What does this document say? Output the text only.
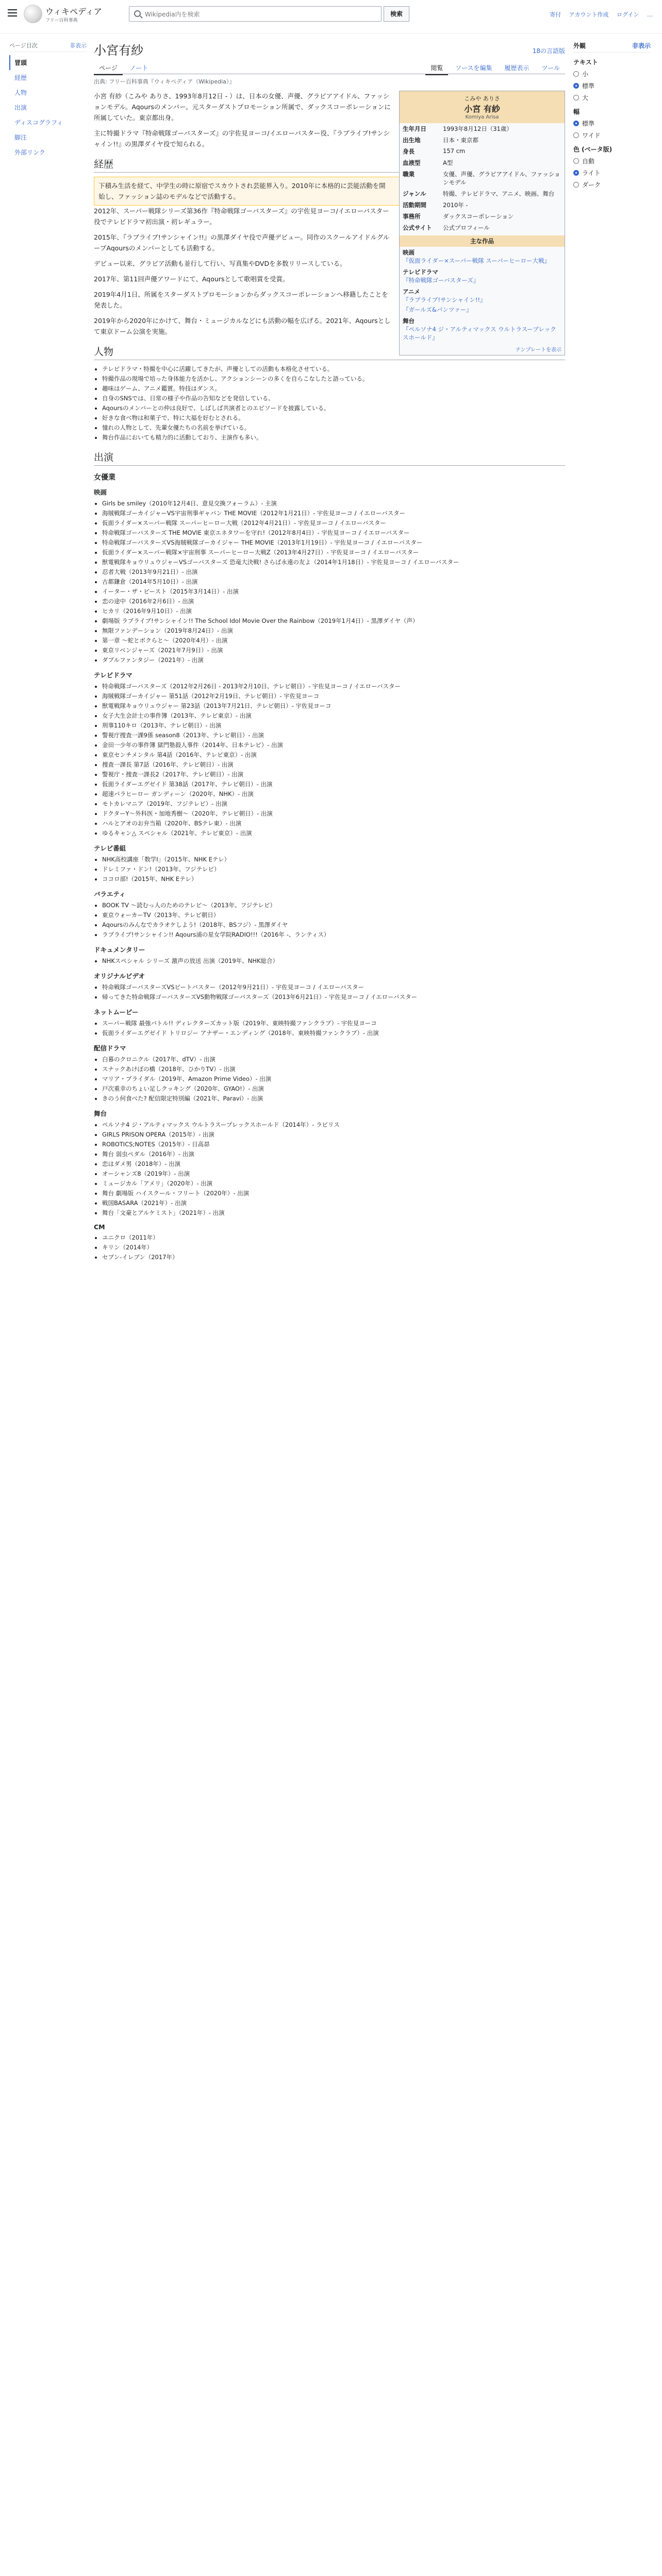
ウィキペディア
フリー百科事典
Wikipedia内を検索
検索	寄付 アカウント作成 ログイン …
ページ目次	非表示
冒頭
経歴
人物
出演
ディスコグラフィ
脚注
外部リンク
外観	非表示
テキスト
小
標準
大
幅
標準
ワイド
色 (ベータ版)
自動
ライト
ダーク
小宮有紗	18の言語版
ページ ノート	閲覧 ソースを編集 履歴表示 ツール
出典: フリー百科事典『ウィキペディア（Wikipedia）』
こみや ありさ
小宮 有紗
Komiya Arisa
生年月日	1993年8月12日（31歳）
出生地	日本・東京都
身長	157 cm
血液型	A型
職業	女優、声優、グラビアアイドル、ファッションモデル
ジャンル	特撮、テレビドラマ、アニメ、映画、舞台
活動期間	2010年 -
事務所	ダックスコーポレーション
公式サイト	公式プロフィール
主な作品
映画
『仮面ライダー×スーパー戦隊 スーパーヒーロー大戦』
テレビドラマ
『特命戦隊ゴーバスターズ』
アニメ
『ラブライブ!サンシャイン!!』
『ガールズ&パンツァー』
舞台
『ペルソナ4 ジ・アルティマックス ウルトラスープレックスホールド』
テンプレートを表示

小宮 有紗（こみや ありさ、1993年8月12日 - ）は、日本の女優、声優、グラビアアイドル、ファッションモデル。Aqoursのメンバー。元スターダストプロモーション所属で、ダックスコーポレーションに所属していた。東京都出身。

主に特撮ドラマ『特命戦隊ゴーバスターズ』の宇佐見ヨーコ/イエローバスター役、『ラブライブ!サンシャイン!!』の黒澤ダイヤ役で知られる。

経歴

下積み生活を経て、中学生の時に原宿でスカウトされ芸能界入り。2010年に本格的に芸能活動を開始し、ファッション誌のモデルなどで活動する。

2012年、スーパー戦隊シリーズ第36作『特命戦隊ゴーバスターズ』の宇佐見ヨーコ/イエローバスター役でテレビドラマ初出演・初レギュラー。

2015年、『ラブライブ!サンシャイン!!』の黒澤ダイヤ役で声優デビュー。同作のスクールアイドルグループAqoursのメンバーとしても活動する。

デビュー以来、グラビア活動も並行して行い、写真集やDVDを多数リリースしている。

2017年、第11回声優アワードにて、Aqoursとして歌唱賞を受賞。

2019年4月1日、所属をスターダストプロモーションからダックスコーポレーションへ移籍したことを発表した。

2019年から2020年にかけて、舞台・ミュージカルなどにも活動の幅を広げる。2021年、Aqoursとして東京ドーム公演を実施。

人物
• テレビドラマ・特撮を中心に活躍してきたが、声優としての活動も本格化させている。
• 特撮作品の現場で培った身体能力を活かし、アクションシーンの多くを自らこなしたと語っている。
• 趣味はゲーム、アニメ鑑賞。特技はダンス。
• 自身のSNSでは、日常の様子や作品の告知などを発信している。
• Aqoursのメンバーとの仲は良好で、しばしば共演者とのエピソードを披露している。
• 好きな食べ物は和菓子で、特に大福を好むとされる。
• 憧れの人物として、先輩女優たちの名前を挙げている。
• 舞台作品においても精力的に活動しており、主演作も多い。
出演
女優業
映画
• Girls be smiley（2010年12月4日、意見交換フォーラム）- 主演
• 海賊戦隊ゴーカイジャーVS宇宙刑事ギャバン THE MOVIE（2012年1月21日）- 宇佐見ヨーコ / イエローバスター
• 仮面ライダー×スーパー戦隊 スーパーヒーロー大戦（2012年4月21日）- 宇佐見ヨーコ / イエローバスター
• 特命戦隊ゴーバスターズ THE MOVIE 東京エネタワーを守れ!（2012年8月4日）- 宇佐見ヨーコ / イエローバスター
• 特命戦隊ゴーバスターズVS海賊戦隊ゴーカイジャー THE MOVIE（2013年1月19日）- 宇佐見ヨーコ / イエローバスター
• 仮面ライダー×スーパー戦隊×宇宙刑事 スーパーヒーロー大戦Z（2013年4月27日）- 宇佐見ヨーコ / イエローバスター
• 獣電戦隊キョウリュウジャーVSゴーバスターズ 恐竜大決戦! さらば永遠の友よ（2014年1月18日）- 宇佐見ヨーコ / イエローバスター
• 忍者大戦（2013年9月21日）- 出演
• 古都鎌倉（2014年5月10日）- 出演
• イーター・ザ・ビースト（2015年3月14日）- 出演
• 恋の途中（2016年2月6日）- 出演
• ヒカリ（2016年9月10日）- 出演
• 劇場版 ラブライブ!サンシャイン!! The School Idol Movie Over the Rainbow（2019年1月4日）- 黒澤ダイヤ（声）
• 無限ファンデーション（2019年8月24日）- 出演
• 第一章 ～蛇とボクらと～（2020年4月）- 出演
• 東京リベンジャーズ（2021年7月9日）- 出演
• ダブルファンタジー（2021年）- 出演
テレビドラマ
• 特命戦隊ゴーバスターズ（2012年2月26日 - 2013年2月10日、テレビ朝日）- 宇佐見ヨーコ / イエローバスター
• 海賊戦隊ゴーカイジャー 第51話（2012年2月19日、テレビ朝日）- 宇佐見ヨーコ
• 獣電戦隊キョウリュウジャー 第23話（2013年7月21日、テレビ朝日）- 宇佐見ヨーコ
• 女子大生会計士の事件簿（2013年、テレビ東京）- 出演
• 刑事110キロ（2013年、テレビ朝日）- 出演
• 警視庁捜査一課9係 season8（2013年、テレビ朝日）- 出演
• 金田一少年の事件簿 獄門塾殺人事件（2014年、日本テレビ）- 出演
• 東京センチメンタル 第4話（2016年、テレビ東京）- 出演
• 捜査一課長 第7話（2016年、テレビ朝日）- 出演
• 警視庁・捜査一課長2（2017年、テレビ朝日）- 出演
• 仮面ライダーエグゼイド 第38話（2017年、テレビ朝日）- 出演
• 超速パラヒーロー ガンディーン（2020年、NHK）- 出演
• モトカレマニア（2019年、フジテレビ）- 出演
• ドクターY～外科医・加地秀樹～（2020年、テレビ朝日）- 出演
• ハルとアオのお弁当箱（2020年、BSテレ東）- 出演
• ゆるキャン△ スペシャル（2021年、テレビ東京）- 出演
テレビ番組
• NHK高校講座「数学Ⅰ」（2015年、NHK Eテレ）
• ドレミファ・ドン!（2013年、フジテレビ）
• ココロ部!（2015年、NHK Eテレ）
バラエティ
• BOOK TV ～読むっ人のためのテレビ～（2013年、フジテレビ）
• 東京ウォーカーTV（2013年、テレビ朝日）
• Aqoursのみんなでカラオケしよう!（2018年、BSフジ）- 黒澤ダイヤ
• ラブライブ!サンシャイン!! Aqours浦の星女学院RADIO!!!（2016年 -、ランティス）
ドキュメンタリー
• NHKスペシャル シリーズ 激声の放送 出演（2019年、NHK総合）
オリジナルビデオ
• 特命戦隊ゴーバスターズVSビートバスター（2012年9月21日）- 宇佐見ヨーコ / イエローバスター
• 帰ってきた特命戦隊ゴーバスターズVS動物戦隊ゴーバスターズ（2013年6月21日）- 宇佐見ヨーコ / イエローバスター
ネットムービー
• スーパー戦隊 最強バトル!! ディレクターズカット版（2019年、東映特撮ファンクラブ）- 宇佐見ヨーコ
• 仮面ライダーエグゼイド トリロジー アナザー・エンディング（2018年、東映特撮ファンクラブ）- 出演
配信ドラマ
• 白暮のクロニクル（2017年、dTV）- 出演
• スナックあけぼの橋（2018年、ひかりTV）- 出演
• マリア・ブライダル（2019年、Amazon Prime Video）- 出演
• 戸次重幸のちょい足しクッキング（2020年、GYAO!）- 出演
• きのう何食べた? 配信限定特別編（2021年、Paravi）- 出演
舞台
• ペルソナ4 ジ・アルティマックス ウルトラスープレックスホールド（2014年）- ラビリス
• GIRLS PRISON OPERA（2015年）- 出演
• ROBOTICS;NOTES（2015年）- 日高昴
• 舞台 弱虫ペダル（2016年）- 出演
• 恋はダメ男（2018年）- 出演
• オーシャンズ8（2019年）- 出演
• ミュージカル「アメリ」（2020年）- 出演
• 舞台 劇場版 ハイスクール・フリート（2020年）- 出演
• 戦国BASARA（2021年）- 出演
• 舞台「文豪とアルケミスト」（2021年）- 出演
CM
• ユニクロ（2011年）
• キリン（2014年）
• セブン-イレブン（2017年）
